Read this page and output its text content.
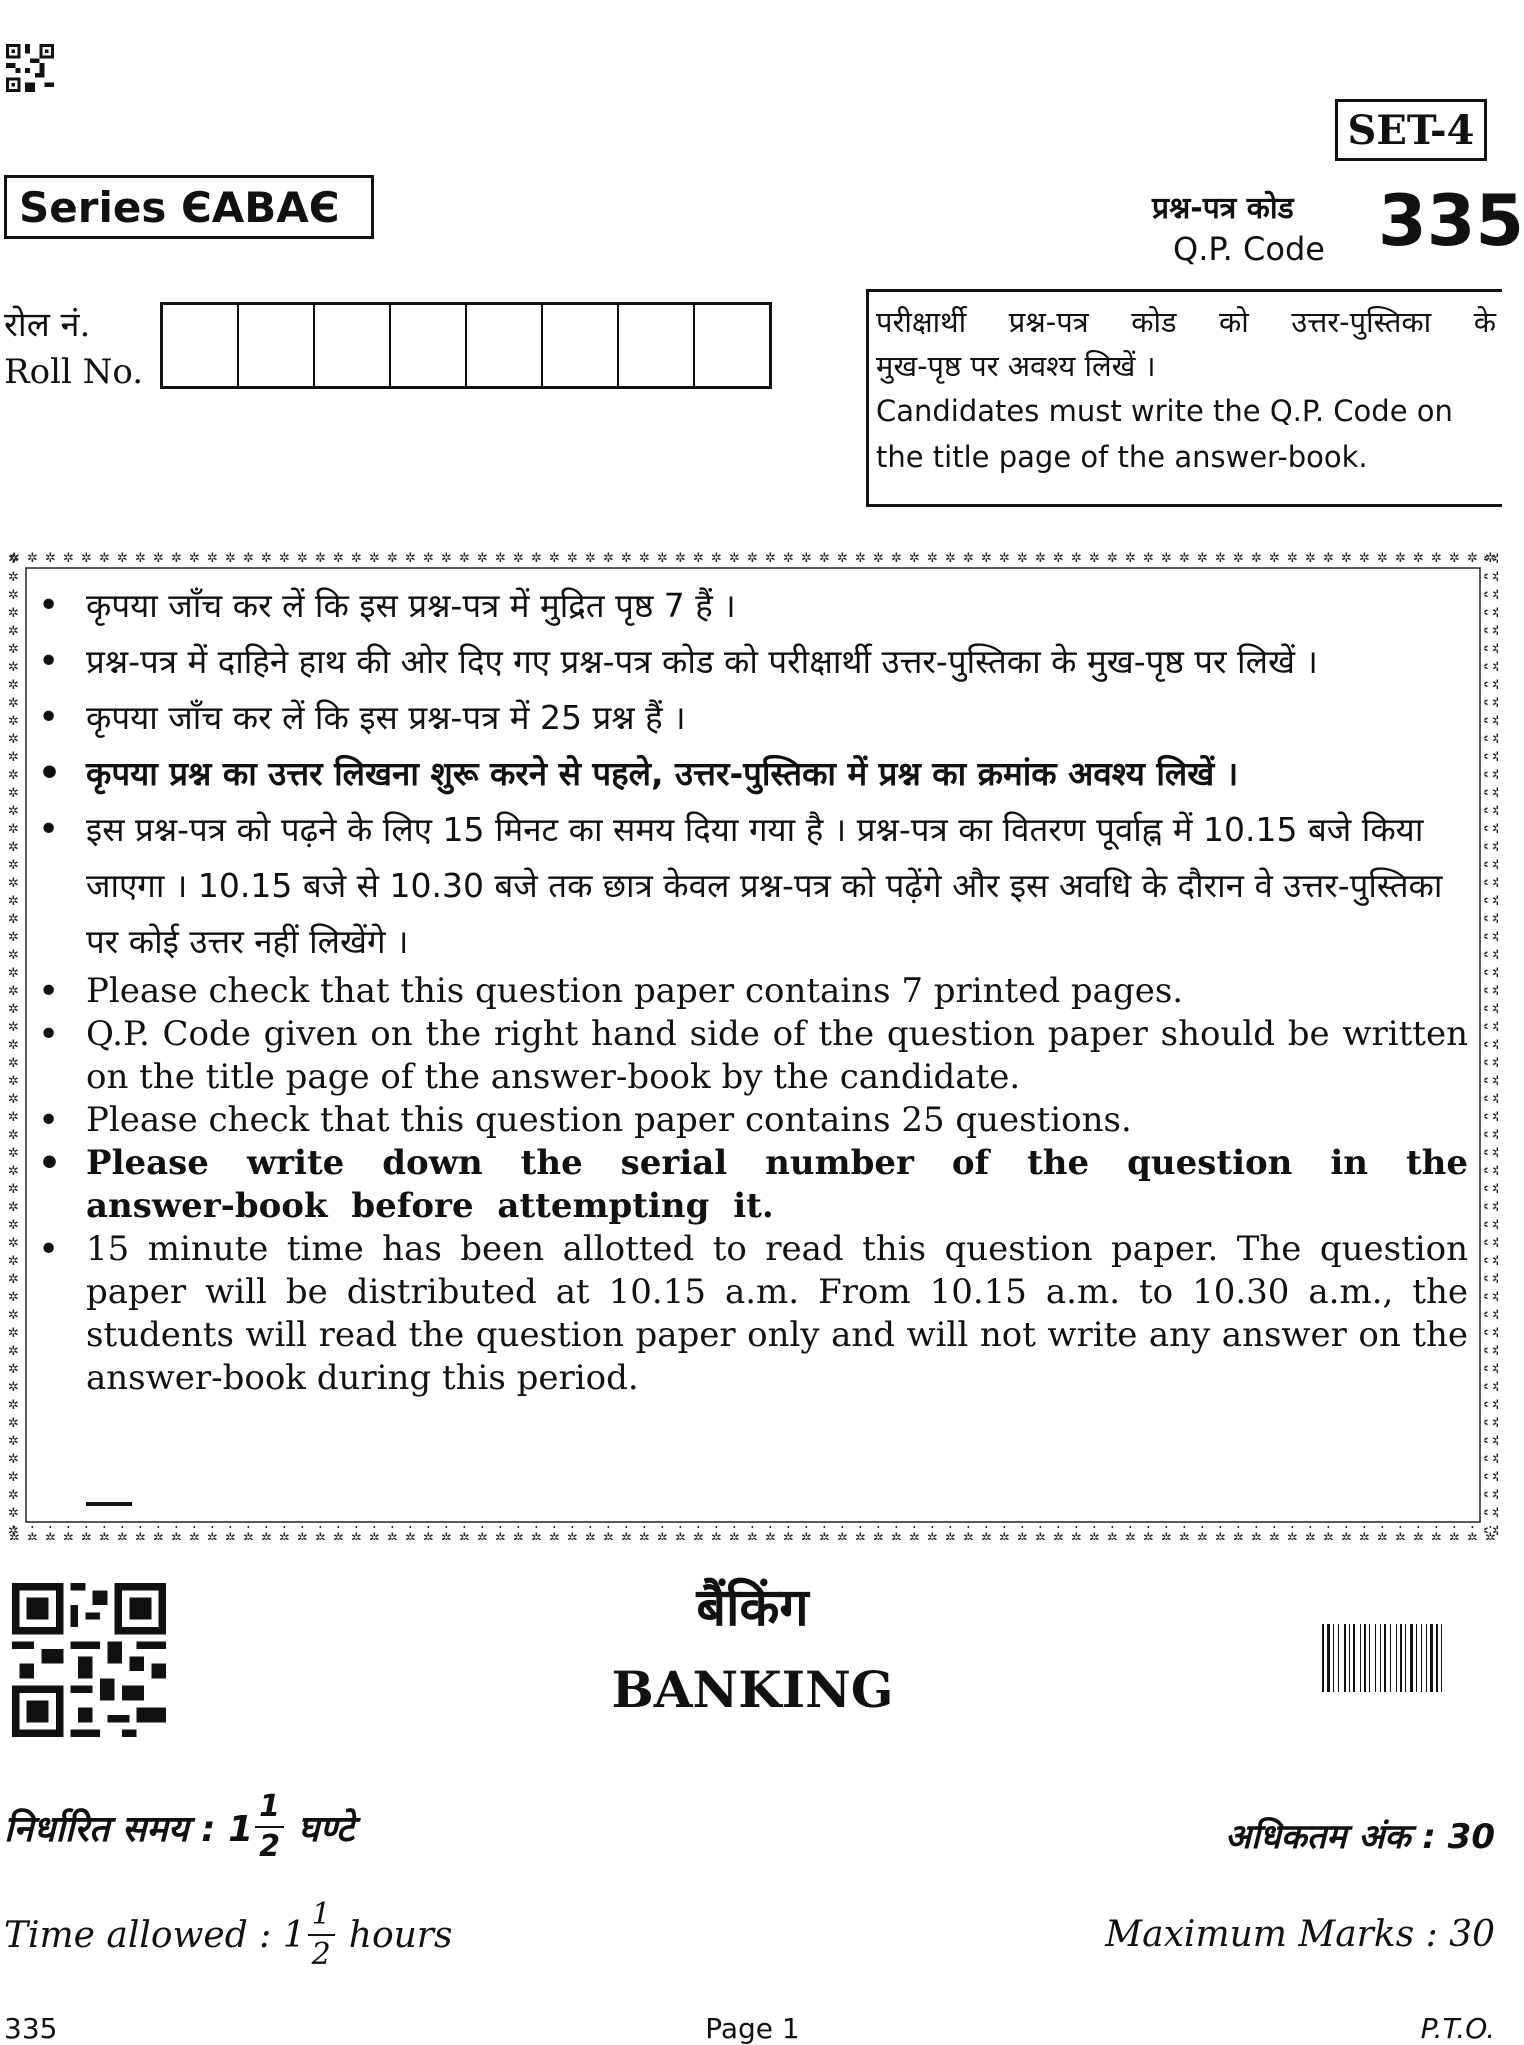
SET-4
Series ЄABAЄ	प्रश्न-पत्र कोड
Q.P. Code 335
रोल नं.
Roll No.
परीक्षार्थी प्रश्न-पत्र कोड को उत्तर-पुस्तिका के
मुख-पृष्ठ पर अवश्य लिखें ।
Candidates must write the Q.P. Code on
the title page of the answer-book.
• कृपया जाँच कर लें कि इस प्रश्न-पत्र में मुद्रित पृष्ठ 7 हैं ।
• प्रश्न-पत्र में दाहिने हाथ की ओर दिए गए प्रश्न-पत्र कोड को परीक्षार्थी उत्तर-पुस्तिका के मुख-पृष्ठ पर लिखें ।
• कृपया जाँच कर लें कि इस प्रश्न-पत्र में 25 प्रश्न हैं ।
• कृपया प्रश्न का उत्तर लिखना शुरू करने से पहले, उत्तर-पुस्तिका में प्रश्न का क्रमांक अवश्य लिखें ।
• इस प्रश्न-पत्र को पढ़ने के लिए 15 मिनट का समय दिया गया है । प्रश्न-पत्र का वितरण पूर्वाह्न में 10.15 बजे किया जाएगा । 10.15 बजे से 10.30 बजे तक छात्र केवल प्रश्न-पत्र को पढ़ेंगे और इस अवधि के दौरान वे उत्तर-पुस्तिका पर कोई उत्तर नहीं लिखेंगे ।
• Please check that this question paper contains 7 printed pages.
• Q.P. Code given on the right hand side of the question paper should be written on the title page of the answer-book by the candidate.
• Please check that this question paper contains 25 questions.
• Please write down the serial number of the question in the answer-book before attempting it.
• 15 minute time has been allotted to read this question paper. The question paper will be distributed at 10.15 a.m. From 10.15 a.m. to 10.30 a.m., the students will read the question paper only and will not write any answer on the answer-book during this period.
बैंकिंग
BANKING
निर्धारित समय : $1 \frac{1}{2}$ घण्टे
Time allowed : $1 \frac{1}{2}$ hours
अधिकतम अंक : 30
Maximum Marks : 30
335	Page 1	P.T.O.
